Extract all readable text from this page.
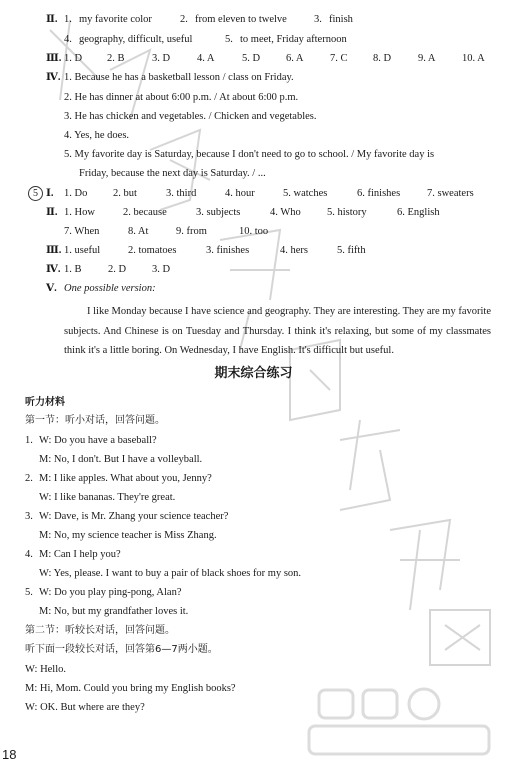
Ⅱ. 1. my favorite color	2. from eleven to twelve	3. finish
4. geography, difficult, useful	5. to meet, Friday afternoon
Ⅲ. 1. D 2. B	3. D	4. A	5. D 6. A	7. C 8. D	9. A	10. A
Ⅳ. 1. Because he has a basketball lesson / class on Friday.
2. He has dinner at about 6:00 p.m. / At about 6:00 p.m.
3. He has chicken and vegetables. / Chicken and vegetables.
4. Yes, he does.
5. My favorite day is Saturday, because I don't need to go to school. / My favorite day is
Friday, because the next day is Saturday. / ...
5 Ⅰ. 1. Do 2. but	3. third	4. hour	5. watches	6. finishes	7. sweaters
Ⅱ. 1. How	2. because	3. subjects	4. Who	5. history	6. English
7. When	8. At	9. from	10. too
Ⅲ. 1. useful	2. tomatoes	3. finishes	4. hers	5. fifth
Ⅳ. 1. B	2. D 3. D
Ⅴ. One possible version:
I like Monday because I have science and geography. They are interesting. They are my favorite subjects. And Chinese is on Tuesday and Thursday. I think it's relaxing, but some of my classmates think it's a little boring. On Wednesday, I have English. It's difficult but useful.
期末综合练习
听力材料
第一节：听小对话，回答问题。
1. W: Do you have a baseball?
M: No, I don't. But I have a volleyball.
2. M: I like apples. What about you, Jenny?
W: I like bananas. They're great.
3. W: Dave, is Mr. Zhang your science teacher?
M: No, my science teacher is Miss Zhang.
4. M: Can I help you?
W: Yes, please. I want to buy a pair of black shoes for my son.
5. W: Do you play ping-pong, Alan?
M: No, but my grandfather loves it.
第二节：听较长对话，回答问题。
听下面一段较长对话，回答第6—7两小题。
W: Hello.
M: Hi, Mom. Could you bring my English books?
W: OK. But where are they?
18
